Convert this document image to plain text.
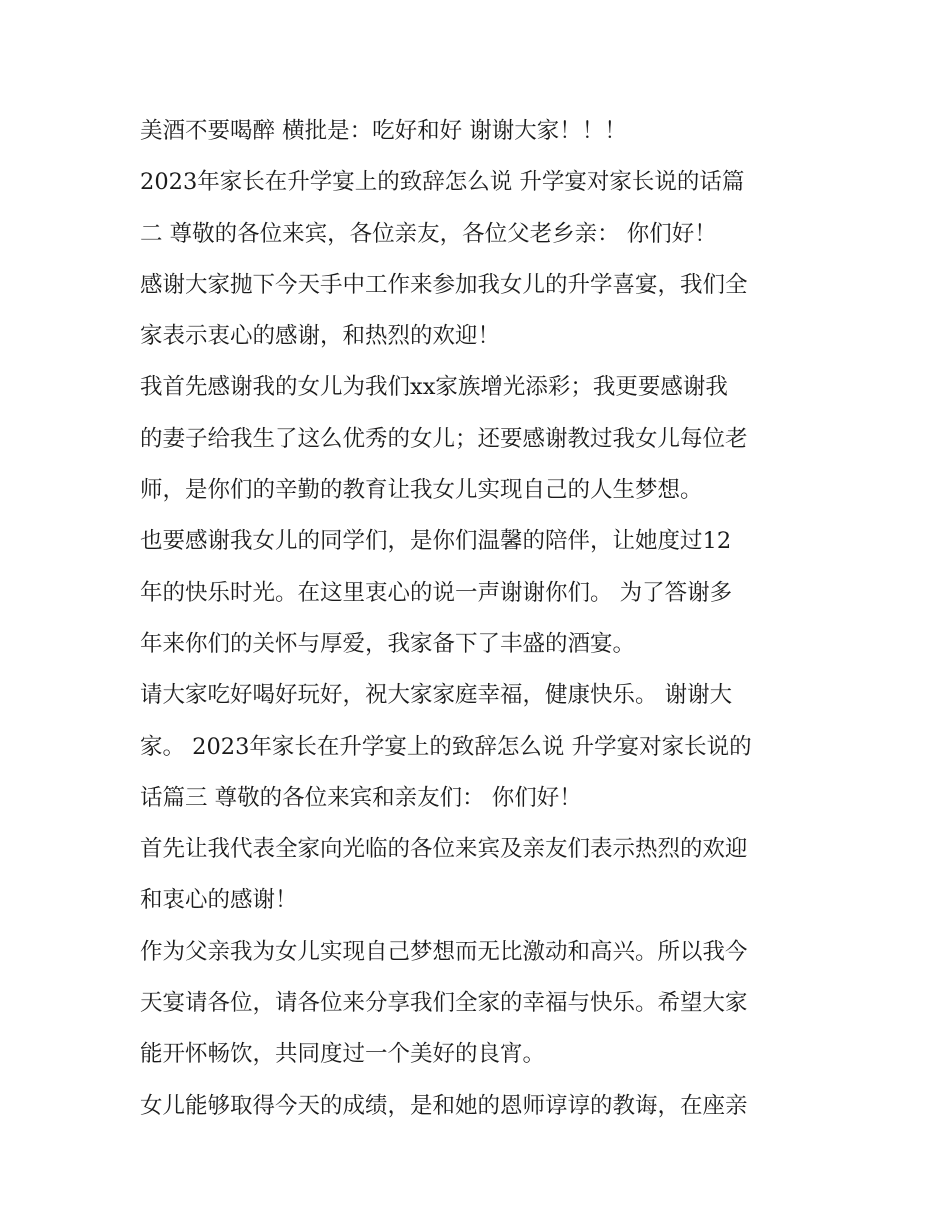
美酒不要喝醉 横批是：吃好和好 谢谢大家！！！
2023年家长在升学宴上的致辞怎么说 升学宴对家长说的话篇
二 尊敬的各位来宾，各位亲友，各位父老乡亲： 你们好！
感谢大家抛下今天手中工作来参加我女儿的升学喜宴，我们全
家表示衷心的感谢，和热烈的欢迎！
我首先感谢我的女儿为我们xx家族增光添彩；我更要感谢我
的妻子给我生了这么优秀的女儿；还要感谢教过我女儿每位老
师，是你们的辛勤的教育让我女儿实现自己的人生梦想。
也要感谢我女儿的同学们，是你们温馨的陪伴，让她度过12
年的快乐时光。在这里衷心的说一声谢谢你们。 为了答谢多
年来你们的关怀与厚爱，我家备下了丰盛的酒宴。
请大家吃好喝好玩好，祝大家家庭幸福，健康快乐。 谢谢大
家。 2023年家长在升学宴上的致辞怎么说 升学宴对家长说的
话篇三 尊敬的各位来宾和亲友们： 你们好！
首先让我代表全家向光临的各位来宾及亲友们表示热烈的欢迎
和衷心的感谢！
作为父亲我为女儿实现自己梦想而无比激动和高兴。所以我今
天宴请各位，请各位来分享我们全家的幸福与快乐。希望大家
能开怀畅饮，共同度过一个美好的良宵。
女儿能够取得今天的成绩，是和她的恩师谆谆的教诲，在座亲
